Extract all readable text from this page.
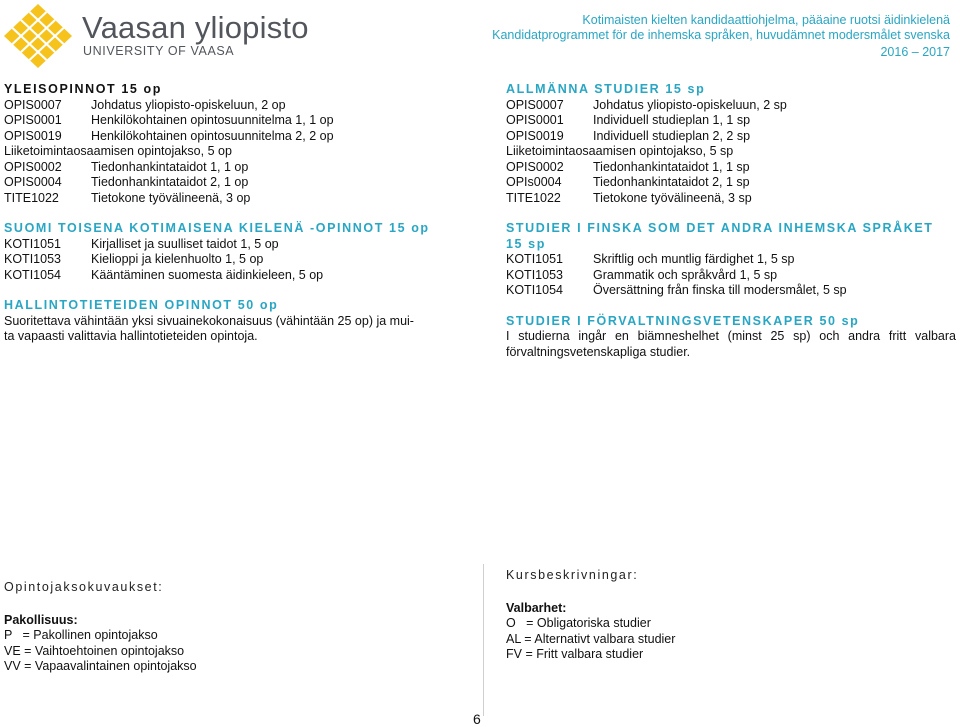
Vaasan yliopisto
UNIVERSITY OF VAASA
Kotimaisten kielten kandidaattiohjelma, pääaine ruotsi äidinkielenä
Kandidatprogrammet för de inhemska språken, huvudämnet modersmålet svenska
2016 – 2017
YLEISOPINNOT 15 op
OPIS0007	Johdatus yliopisto-opiskeluun, 2 op
OPIS0001	Henkilökohtainen opintosuunnitelma 1, 1 op
OPIS0019	Henkilökohtainen opintosuunnitelma 2, 2 op
Liiketoimintaosaamisen opintojakso, 5 op
OPIS0002	Tiedonhankintataidot 1, 1 op
OPIS0004	Tiedonhankintataidot 2, 1 op
TITE1022	Tietokone työvälineenä, 3 op
SUOMI TOISENA KOTIMAISENA KIELENÄ -OPINNOT 15 op
KOTI1051	Kirjalliset ja suulliset taidot 1, 5 op
KOTI1053	Kielioppi ja kielenhuolto 1, 5 op
KOTI1054	Kääntäminen suomesta äidinkieleen, 5 op
HALLINTOTIETEIDEN OPINNOT 50 op
Suoritettava vähintään yksi sivuainekokonaisuus (vähintään 25 op) ja mui-
ta vapaasti valittavia hallintotieteiden opintoja.
ALLMÄNNA STUDIER 15 sp
OPIS0007	Johdatus yliopisto-opiskeluun, 2 sp
OPIS0001	Individuell studieplan 1, 1 sp
OPIS0019	Individuell studieplan 2, 2 sp
Liiketoimintaosaamisen opintojakso, 5 sp
OPIS0002	Tiedonhankintataidot 1, 1 sp
OPIs0004	Tiedonhankintataidot 2, 1 sp
TITE1022	Tietokone työvälineenä, 3 sp
STUDIER I FINSKA SOM DET ANDRA INHEMSKA SPRÅKET
15 sp
KOTI1051	Skriftlig och muntlig färdighet 1, 5 sp
KOTI1053	Grammatik och språkvård 1, 5 sp
KOTI1054	Översättning från finska till modersmålet, 5 sp
STUDIER I FÖRVALTNINGSVETENSKAPER 50 sp
I studierna ingår en biämneshelhet (minst 25 sp) och andra fritt valbara förvaltningsvetenskapliga studier.
Opintojaksokuvaukset:
Pakollisuus:
P   = Pakollinen opintojakso
VE = Vaihtoehtoinen opintojakso
VV = Vapaavalintainen opintojakso
Kursbeskrivningar:
Valbarhet:
O   = Obligatoriska studier
AL = Alternativt valbara studier
FV = Fritt valbara studier
6
